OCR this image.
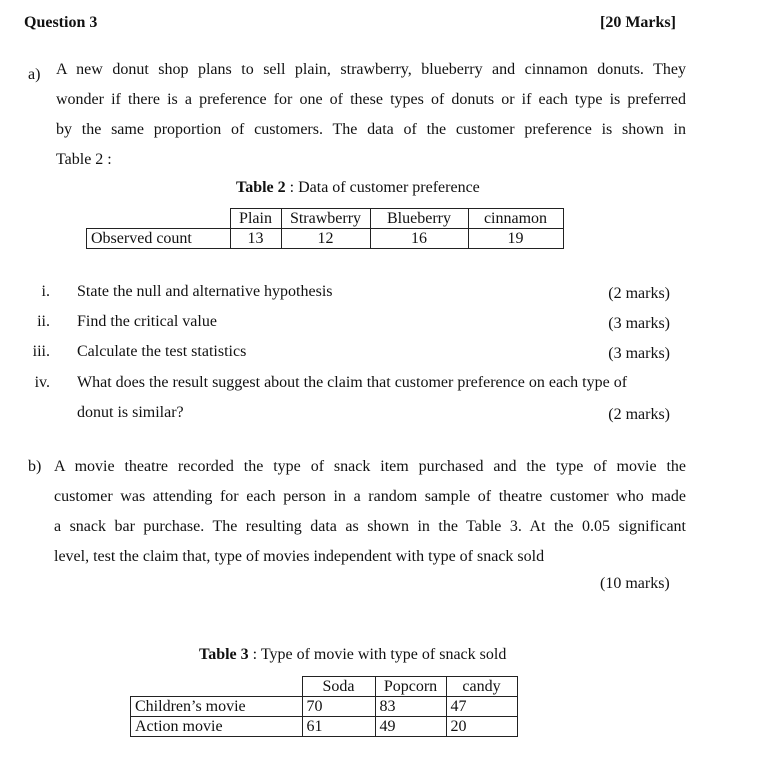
Question 3	[20 Marks]
a) A new donut shop plans to sell plain, strawberry, blueberry and cinnamon donuts. They
wonder if there is a preference for one of these types of donuts or if each type is preferred
by the same proportion of customers. The data of the customer preference is shown in
Table 2 :
Table 2 : Data of customer preference
	Plain	Strawberry	Blueberry	cinnamon
Observed count	13	12	16	19
i. State the null and alternative hypothesis	(2 marks)
ii. Find the critical value	(3 marks)
iii. Calculate the test statistics	(3 marks)
iv. What does the result suggest about the claim that customer preference on each type of
donut is similar?	(2 marks)
b) A movie theatre recorded the type of snack item purchased and the type of movie the
customer was attending for each person in a random sample of theatre customer who made
a snack bar purchase. The resulting data as shown in the Table 3. At the 0.05 significant
level, test the claim that, type of movies independent with type of snack sold
(10 marks)
Table 3 : Type of movie with type of snack sold
	Soda	Popcorn	candy
Children’s movie	70	83	47
Action movie	61	49	20
